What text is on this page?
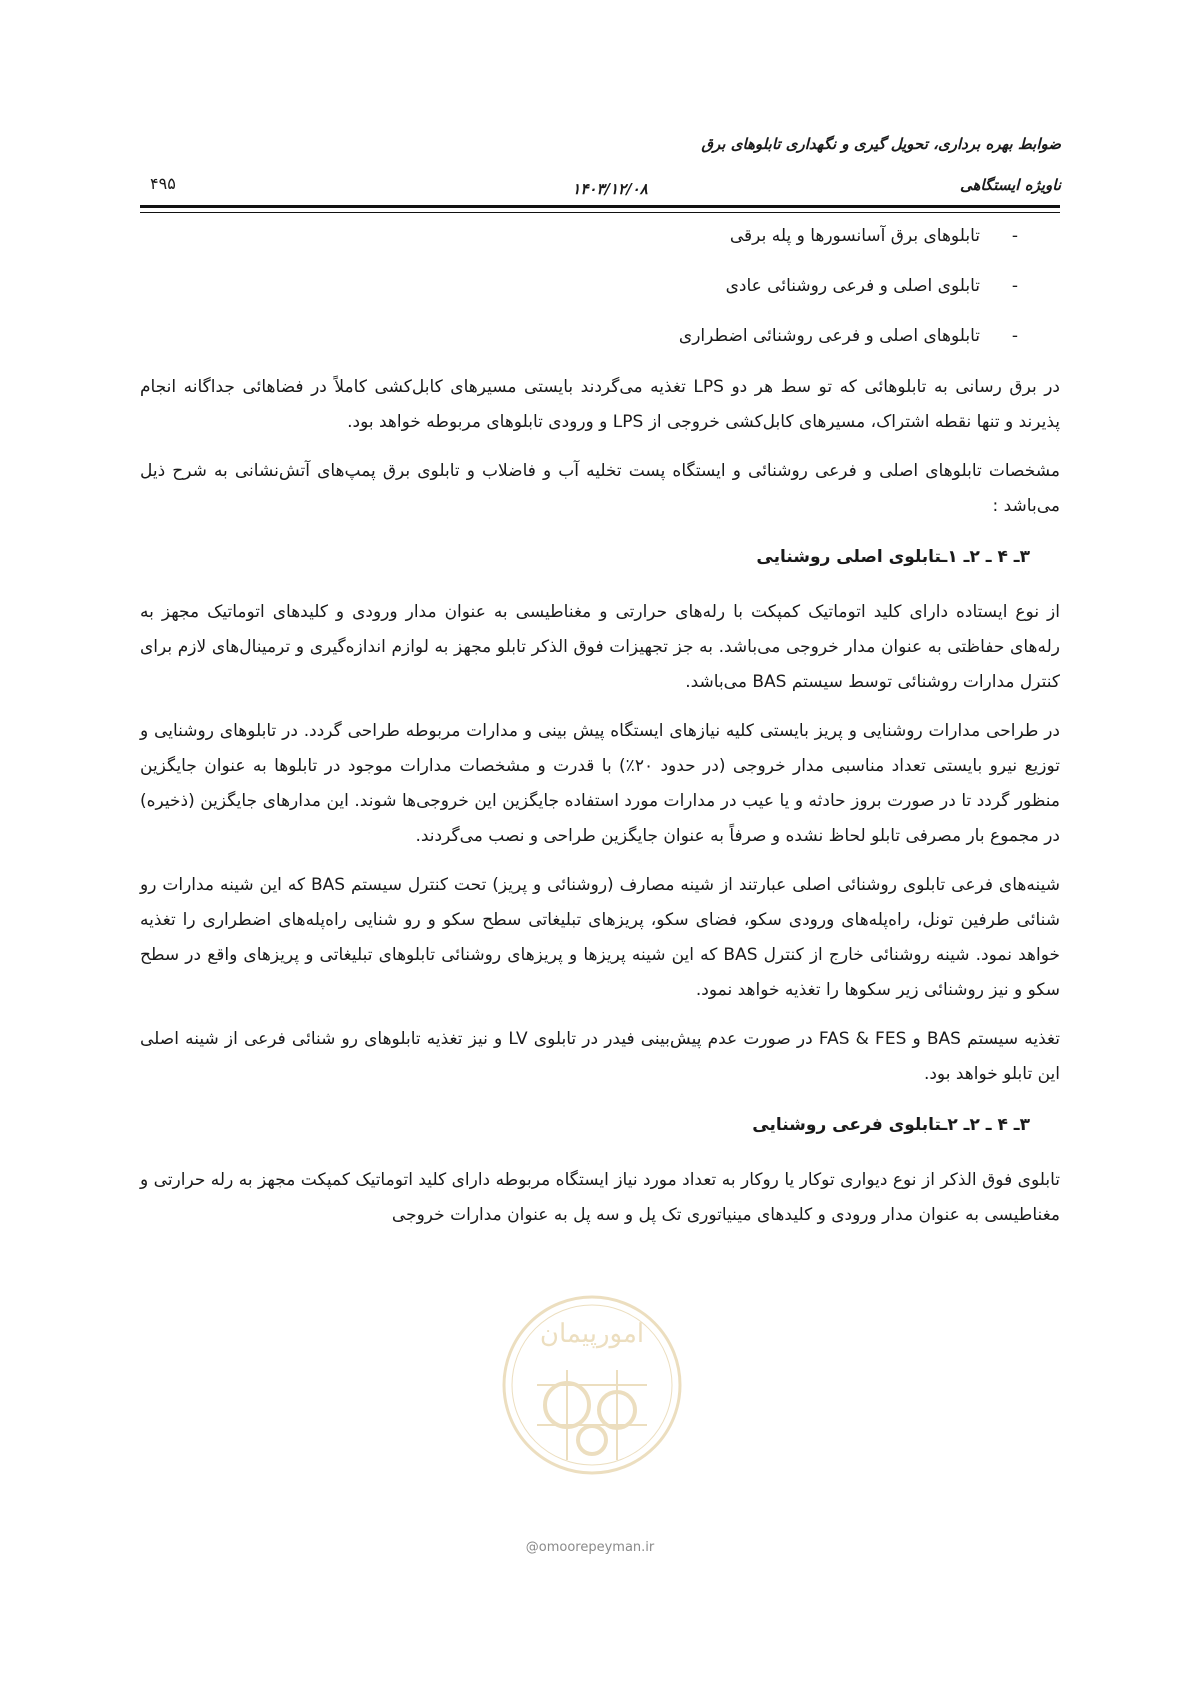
ضوابط بهره برداری، تحویل گیری و نگهداری تابلوهای برق
ناویژه ایستگاهی
۱۴۰۳/۱۲/۰۸
۴۹۵
-
تابلوهای برق آسانسورها و پله برقی
-
تابلوی اصلی و فرعی روشنائی عادی
-
تابلوهای اصلی و فرعی روشنائی اضطراری

در برق رسانی به تابلوهائی که تو سط هر دو LPS تغذیه می‌گردند بایستی مسیرهای کابل‌کشی کاملاً در فضاهائی جداگانه انجام پذیرند و تنها نقطه اشتراک، مسیرهای کابل‌کشی خروجی از LPS و ورودی تابلوهای مربوطه خواهد بود.

مشخصات تابلوهای اصلی و فرعی روشنائی و ایستگاه پست تخلیه آب و فاضلاب و تابلوی برق پمپ‌های آتش‌نشانی به شرح ذیل می‌باشد :

۳ـ ۴ ـ ۲ـ ۱ـتابلوی اصلی روشنایی

از نوع ایستاده دارای کلید اتوماتیک کمپکت با رله‌های حرارتی و مغناطیسی به عنوان مدار ورودی و کلیدهای اتوماتیک مجهز به رله‌های حفاظتی به عنوان مدار خروجی می‌باشد. به جز تجهیزات فوق الذکر تابلو مجهز به لوازم اندازه‌گیری و ترمینال‌های لازم برای کنترل مدارات روشنائی توسط سیستم BAS می‌باشد.

در طراحی مدارات روشنایی و پریز بایستی کلیه نیازهای ایستگاه پیش بینی و مدارات مربوطه طراحی گردد. در تابلوهای روشنایی و توزیع نیرو بایستی تعداد مناسبی مدار خروجی (در حدود ۲۰٪) با قدرت و مشخصات مدارات موجود در تابلوها به عنوان جایگزین منظور گردد تا در صورت بروز حادثه و یا عیب در مدارات مورد استفاده جایگزین این خروجی‌ها شوند. این مدارهای جایگزین (ذخیره) در مجموع بار مصرفی تابلو لحاظ نشده و صرفاً به عنوان جایگزین طراحی و نصب می‌گردند.

شینه‌های فرعی تابلوی روشنائی اصلی عبارتند از شینه مصارف (روشنائی و پریز) تحت کنترل سیستم BAS که این شینه مدارات رو شنائی طرفین تونل، راه‌پله‌های ورودی سکو، فضای سکو، پریزهای تبلیغاتی سطح سکو و رو شنایی راه‌پله‌های اضطراری را تغذیه خواهد نمود. شینه روشنائی خارج از کنترل BAS که این شینه پریزها و پریزهای روشنائی تابلوهای تبلیغاتی و پریزهای واقع در سطح سکو و نیز روشنائی زیر سکوها را تغذیه خواهد نمود.

تغذیه سیستم BAS و FAS & FES در صورت عدم پیش‌بینی فیدر در تابلوی LV و نیز تغذیه تابلوهای رو شنائی فرعی از شینه اصلی این تابلو خواهد بود.

۳ـ ۴ ـ ۲ـ ۲ـتابلوی فرعی روشنایی

تابلوی فوق الذکر از نوع دیواری توکار یا روکار به تعداد مورد نیاز ایستگاه مربوطه دارای کلید اتوماتیک کمپکت مجهز به رله حرارتی و مغناطیسی به عنوان مدار ورودی و کلیدهای مینیاتوری تک پل و سه پل به عنوان مدارات خروجی

امورپیمان
@omoorepeyman.ir
